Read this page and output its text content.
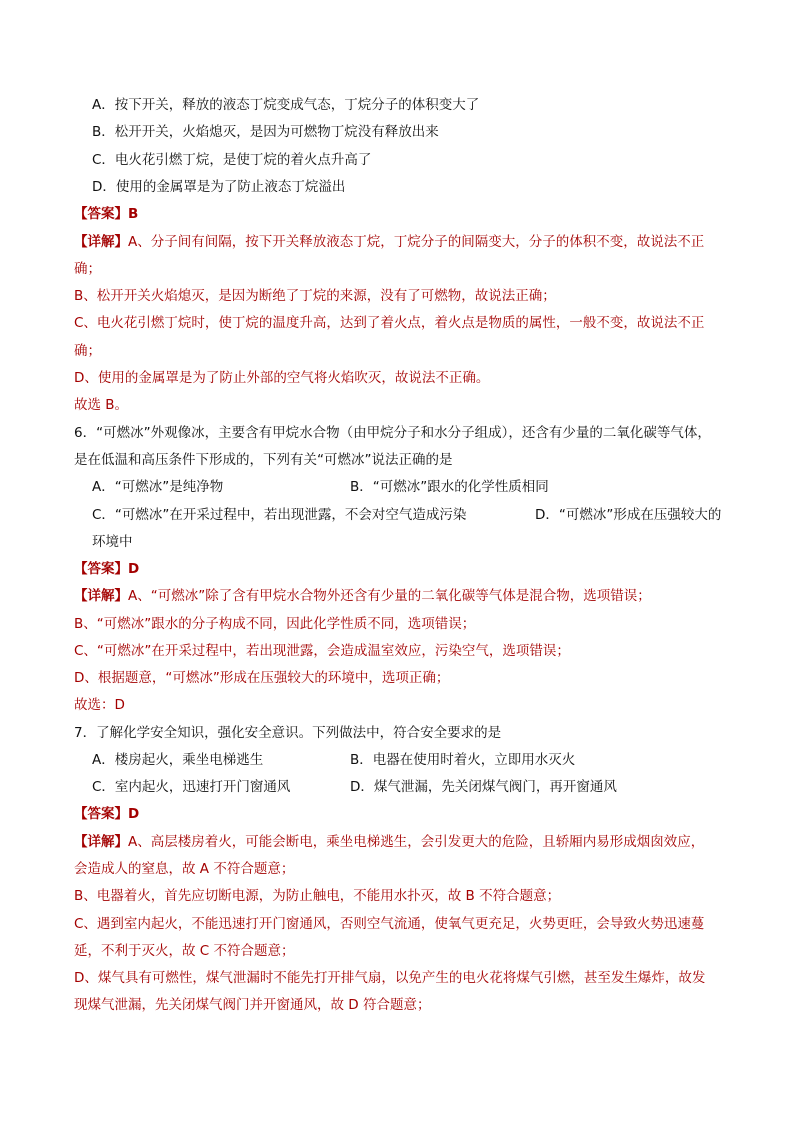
A．按下开关，释放的液态丁烷变成气态，丁烷分子的体积变大了
B．松开开关，火焰熄灭，是因为可燃物丁烷没有释放出来
C．电火花引燃丁烷，是使丁烷的着火点升高了
D．使用的金属罩是为了防止液态丁烷溢出
【答案】B
【详解】A、分子间有间隔，按下开关释放液态丁烷，丁烷分子的间隔变大，分子的体积不变，故说法不正
确；
B、松开开关火焰熄灭，是因为断绝了丁烷的来源，没有了可燃物，故说法正确；
C、电火花引燃丁烷时，使丁烷的温度升高，达到了着火点，着火点是物质的属性，一般不变，故说法不正
确；
D、使用的金属罩是为了防止外部的空气将火焰吹灭，故说法不正确。
故选 B。
6．“可燃冰”外观像冰，主要含有甲烷水合物（由甲烷分子和水分子组成），还含有少量的二氧化碳等气体，
是在低温和高压条件下形成的，下列有关“可燃冰”说法正确的是
A．“可燃冰”是纯净物	B．“可燃冰”跟水的化学性质相同
C．“可燃冰”在开采过程中，若出现泄露，不会对空气造成污染	D．“可燃冰”形成在压强较大的
环境中
【答案】D
【详解】A、“可燃冰”除了含有甲烷水合物外还含有少量的二氧化碳等气体是混合物，选项错误；
B、“可燃冰”跟水的分子构成不同，因此化学性质不同，选项错误；
C、“可燃冰”在开采过程中，若出现泄露，会造成温室效应，污染空气，选项错误；
D、根据题意，“可燃冰”形成在压强较大的环境中，选项正确；
故选：D
7．了解化学安全知识，强化安全意识。下列做法中，符合安全要求的是
A．楼房起火，乘坐电梯逃生	B．电器在使用时着火，立即用水灭火
C．室内起火，迅速打开门窗通风	D．煤气泄漏，先关闭煤气阀门，再开窗通风
【答案】D
【详解】A、高层楼房着火，可能会断电，乘坐电梯逃生，会引发更大的危险，且轿厢内易形成烟囱效应，
会造成人的窒息，故 A 不符合题意；
B、电器着火，首先应切断电源，为防止触电，不能用水扑灭，故 B 不符合题意；
C、遇到室内起火，不能迅速打开门窗通风，否则空气流通，使氧气更充足，火势更旺，会导致火势迅速蔓
延，不利于灭火，故 C 不符合题意；
D、煤气具有可燃性，煤气泄漏时不能先打开排气扇，以免产生的电火花将煤气引燃，甚至发生爆炸，故发
现煤气泄漏，先关闭煤气阀门并开窗通风，故 D 符合题意；
